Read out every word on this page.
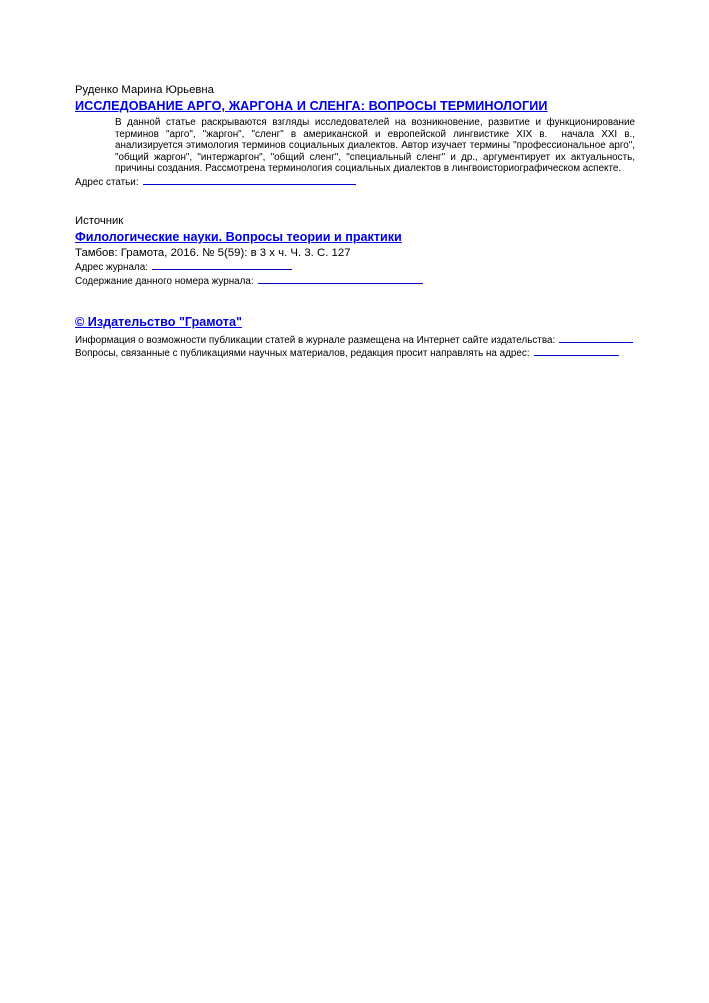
Руденко Марина Юрьевна
ИССЛЕДОВАНИЕ АРГО, ЖАРГОНА И СЛЕНГА: ВОПРОСЫ ТЕРМИНОЛОГИИ
В данной статье раскрываются взгляды исследователей на возникновение, развитие и функционирование терминов "арго", "жаргон", "сленг" в американской и европейской лингвистике XIX в.  начала XXI в., анализируется этимология терминов социальных диалектов. Автор изучает термины "профессиональное арго", "общий жаргон", "интержаргон", "общий сленг", "специальный сленг" и др., аргументирует их актуальность, причины создания. Рассмотрена терминология социальных диалектов в лингвоисториографическом аспекте.
Адрес статьи:
Источник
Филологические науки. Вопросы теории и практики
Тамбов: Грамота, 2016. № 5(59): в 3 х ч. Ч. 3. С. 127
Адрес журнала:
Содержание данного номера журнала:
© Издательство "Грамота"
Информация о возможности публикации статей в журнале размещена на Интернет сайте издательства:
Вопросы, связанные с публикациями научных материалов, редакция просит направлять на адрес:
